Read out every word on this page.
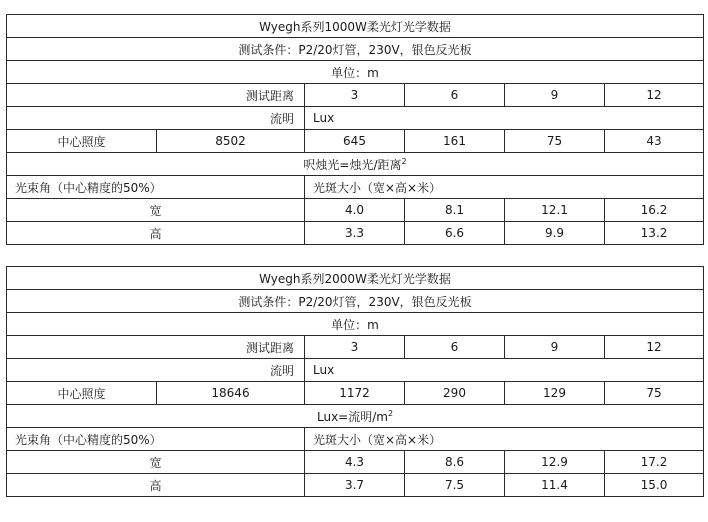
Wyegh系列1000W柔光灯光学数据					
测试条件：P2/20灯管，230V，银色反光板					
单位：m					
测试距离		3	6	9	12
流明		Lux			
中心照度	8502	645	161	75	43
呎烛光=烛光/距离$^2$
光束角（中心精度的50%）		光斑大小（宽×高×米）			
宽		4.0	8.1	12.1	16.2
高		3.3	6.6	9.9	13.2
Wyegh系列2000W柔光灯光学数据					
测试条件：P2/20灯管，230V，银色反光板					
单位：m					
测试距离		3	6	9	12
流明		Lux			
中心照度	18646	1172	290	129	75
Lux=流明$/m^2$
光束角（中心精度的50%）		光斑大小（宽×高×米）			
宽		4.3	8.6	12.9	17.2
高		3.7	7.5	11.4	15.0
